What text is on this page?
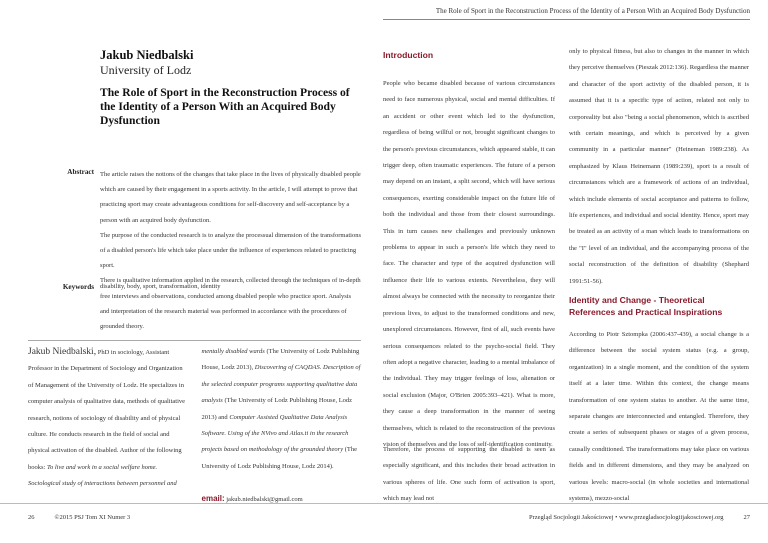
The Role of Sport in the Reconstruction Process of the Identity of a Person With an Acquired Body Dysfunction
Jakub Niedbalski
University of Lodz
The Role of Sport in the Reconstruction Process of the Identity of a Person With an Acquired Body Dysfunction
Abstract The article raises the notions of the changes that take place in the lives of physically disabled people which are caused by their engagement in a sports activity. In the article, I will attempt to prove that practicing sport may create advantageous conditions for self-discovery and self-acceptance by a person with an acquired body dysfunction.

The purpose of the conducted research is to analyze the processual dimension of the transformations of a disabled person's life which take place under the influence of experiences related to practicing sport.

There is qualitative information applied in the research, collected through the techniques of in-depth free interviews and observations, conducted among disabled people who practice sport. Analysis and interpretation of the research material was performed in accordance with the procedures of grounded theory.

Keywords disability, body, sport, transformation, identity

Jakub Niedbalski, PhD in sociology, Assistant Professor in the Department of Sociology and Organization of Management of the University of Lodz. He specializes in computer analysis of qualitative data, methods of qualitative research, notions of sociology of disability and of physical culture. He conducts research in the field of social and physical activation of the disabled. Author of the following books: To live and work in a social welfare home. Sociological study of interactions between personnel and mentally disabled wards (The University of Lodz Publishing House, Lodz 2013), Discovering of CAQDAS. Description of the selected computer programs supporting qualitative data analysis (The University of Lodz Publishing House, Lodz 2013) and Computer Assisted Qualitative Data Analysis Software. Using of the NVivo and Atlas.ti in the research projects based on methodology of the grounded theory (The University of Lodz Publishing House, Lodz 2014).

email: jakub.niedbalski@gmail.com

Introduction

People who became disabled because of various circumstances need to face numerous physical, social and mental difficulties. If an accident or other event which led to the dysfunction, regardless of being willful or not, brought significant changes to the person's previous circumstances, which appeared stable, it can trigger deep, often traumatic experiences. The future of a person may depend on an instant, a split second, which will have serious consequences, exerting considerable impact on the future life of both the individual and those from their closest surroundings. This in turn causes new challenges and previously unknown problems to appear in such a person's life which they need to face. The character and type of the acquired dysfunction will influence their life to various extents. Nevertheless, they will almost always be connected with the necessity to reorganize their previous lives, to adjust to the transformed conditions and new, unexplored circumstances. However, first of all, such events have serious consequences related to the psycho-social field. They often adopt a negative character, leading to a mental imbalance of the individual. They may trigger feelings of loss, alienation or social exclusion (Major, O'Brien 2005:393–421). What is more, they cause a deep transformation in the manner of seeing themselves, which is related to the reconstruction of the previous vision of themselves and the loss of self-identification continuity.

Therefore, the process of supporting the disabled is seen as especially significant, and this includes their broad activation in various spheres of life. One such form of activation is sport, which may lead not

only to physical fitness, but also to changes in the manner in which they perceive themselves (Pieszak 2012:136). Regardless the manner and character of the sport activity of the disabled person, it is assumed that it is a specific type of action, related not only to corporeality but also "being a social phenomenon, which is ascribed with certain meanings, and which is perceived by a given community in a particular manner" (Heineman 1989:238). As emphasized by Klaus Heinemann (1989:239), sport is a result of circumstances which are a framework of actions of an individual, which include elements of social acceptance and patterns to follow, life experiences, and individual and social identity. Hence, sport may be treated as an activity of a man which leads to transformations on the "I" level of an individual, and the accompanying process of the social reconstruction of the definition of disability (Shephard 1991:51-56).

Identity and Change - Theoretical References and Practical Inspirations

According to Piotr Sztompka (2006:437-439), a social change is a difference between the social system status (e.g. a group, organization) in a single moment, and the condition of the system itself at a later time. Within this context, the change means transformation of one system status to another. At the same time, separate changes are interconnected and entangled. Therefore, they create a series of subsequent phases or stages of a given process, causally conditioned. The transformations may take place on various fields and in different dimensions, and they may be analyzed on various levels: macro-social (in whole societies and international systems), mezzo-social

26	©2015 PSJ Tom XI Numer 3	Przegląd Socjologii Jakościowej • www.przegladsocjologiijakosciowej.org	27
